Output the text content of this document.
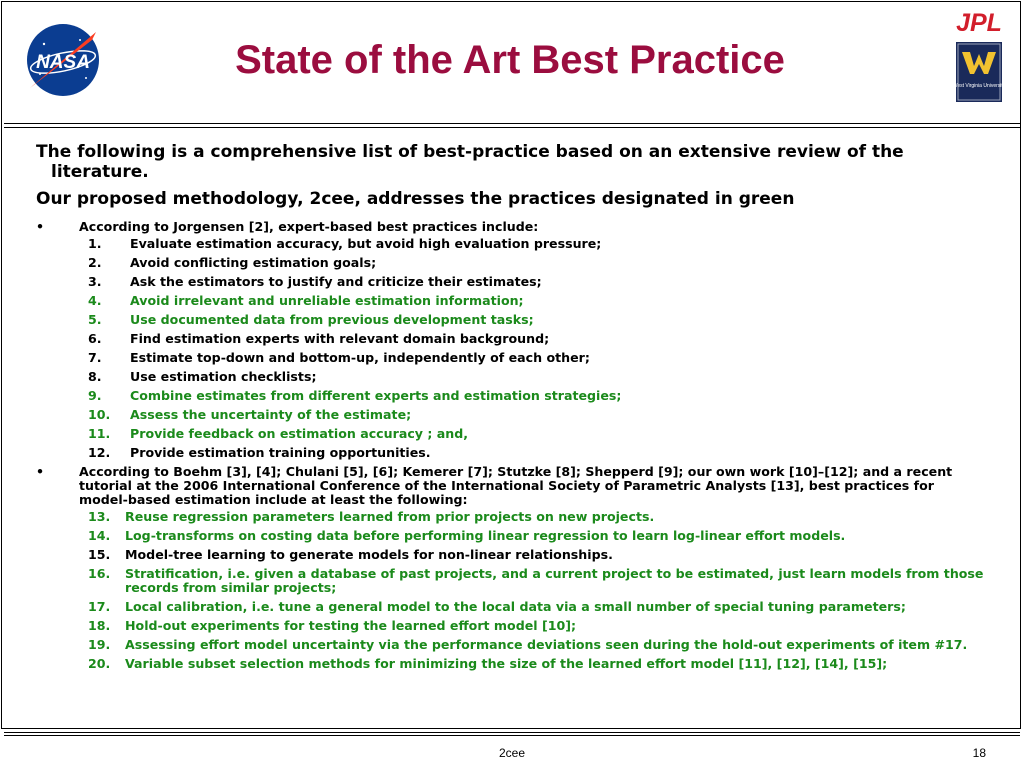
NASA
JPL
West Virginia University
State of the Art Best Practice

The following is a comprehensive list of best-practice based on an extensive review of the literature.

Our proposed methodology, 2cee, addresses the practices designated in green

•	According to Jorgensen [2], expert-based best practices include:
1. Evaluate estimation accuracy, but avoid high evaluation pressure;
2. Avoid conflicting estimation goals;
3. Ask the estimators to justify and criticize their estimates;
4. Avoid irrelevant and unreliable estimation information;
5. Use documented data from previous development tasks;
6. Find estimation experts with relevant domain background;
7. Estimate top-down and bottom-up, independently of each other;
8. Use estimation checklists;
9. Combine estimates from different experts and estimation strategies;
10. Assess the uncertainty of the estimate;
11. Provide feedback on estimation accuracy ; and,
12. Provide estimation training opportunities.
•	According to Boehm [3], [4]; Chulani [5], [6]; Kemerer [7]; Stutzke [8]; Shepperd [9]; our own work [10]–[12]; and a recent tutorial at the 2006 International Conference of the International Society of Parametric Analysts [13], best practices for model-based estimation include at least the following:
13. Reuse regression parameters learned from prior projects on new projects.
14. Log-transforms on costing data before performing linear regression to learn log-linear effort models.
15. Model-tree learning to generate models for non-linear relationships.
16. Stratification, i.e. given a database of past projects, and a current project to be estimated, just learn models from those records from similar projects;
17. Local calibration, i.e. tune a general model to the local data via a small number of special tuning parameters;
18. Hold-out experiments for testing the learned effort model [10];
19. Assessing effort model uncertainty via the performance deviations seen during the hold-out experiments of item #17.
20. Variable subset selection methods for minimizing the size of the learned effort model [11], [12], [14], [15];
2cee	18
